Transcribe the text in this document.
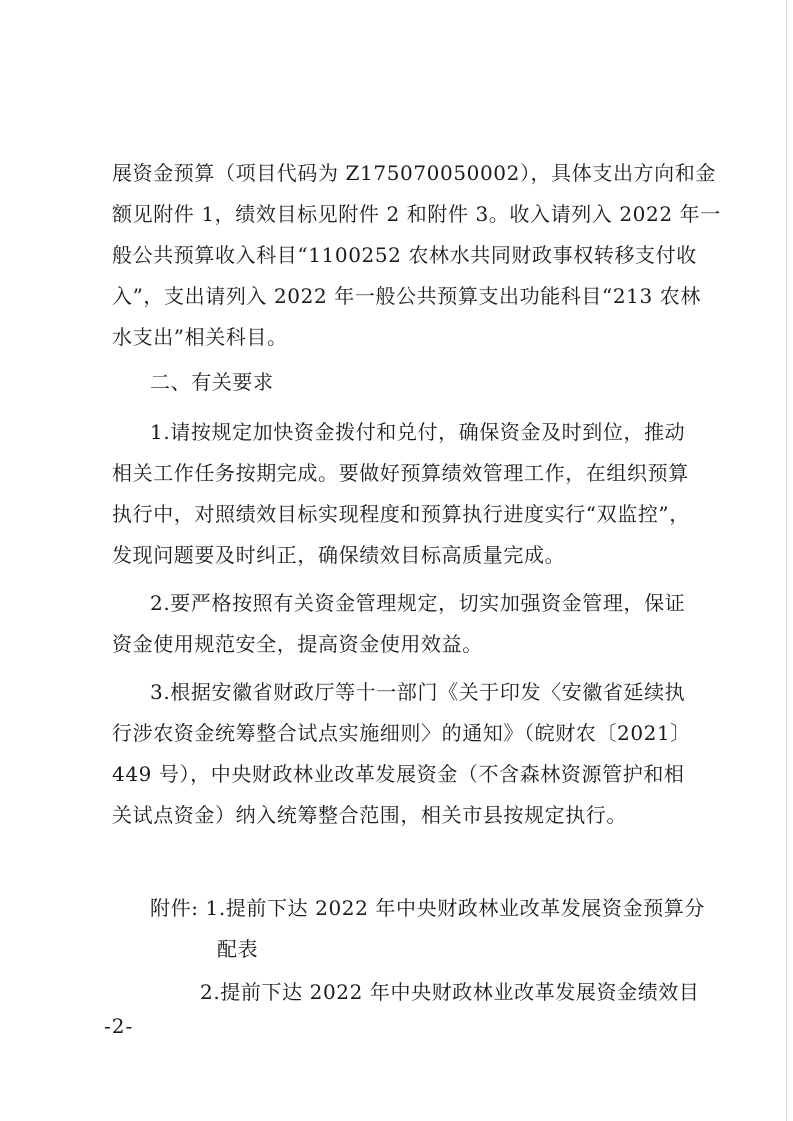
展资金预算（项目代码为 Z175070050002），具体支出方向和金
额见附件 1，绩效目标见附件 2 和附件 3。收入请列入 2022 年一
般公共预算收入科目“1100252 农林水共同财政事权转移支付收
入”，支出请列入 2022 年一般公共预算支出功能科目“213 农林
水支出”相关科目。
二、有关要求
1.请按规定加快资金拨付和兑付，确保资金及时到位，推动
相关工作任务按期完成。要做好预算绩效管理工作，在组织预算
执行中，对照绩效目标实现程度和预算执行进度实行“双监控”，
发现问题要及时纠正，确保绩效目标高质量完成。
2.要严格按照有关资金管理规定，切实加强资金管理，保证
资金使用规范安全，提高资金使用效益。
3.根据安徽省财政厅等十一部门《关于印发〈安徽省延续执
行涉农资金统筹整合试点实施细则〉的通知》（皖财农〔2021〕
449 号），中央财政林业改革发展资金（不含森林资源管护和相
关试点资金）纳入统筹整合范围，相关市县按规定执行。
附件: 1.提前下达 2022 年中央财政林业改革发展资金预算分
配表
2.提前下达 2022 年中央财政林业改革发展资金绩效目
-2-
